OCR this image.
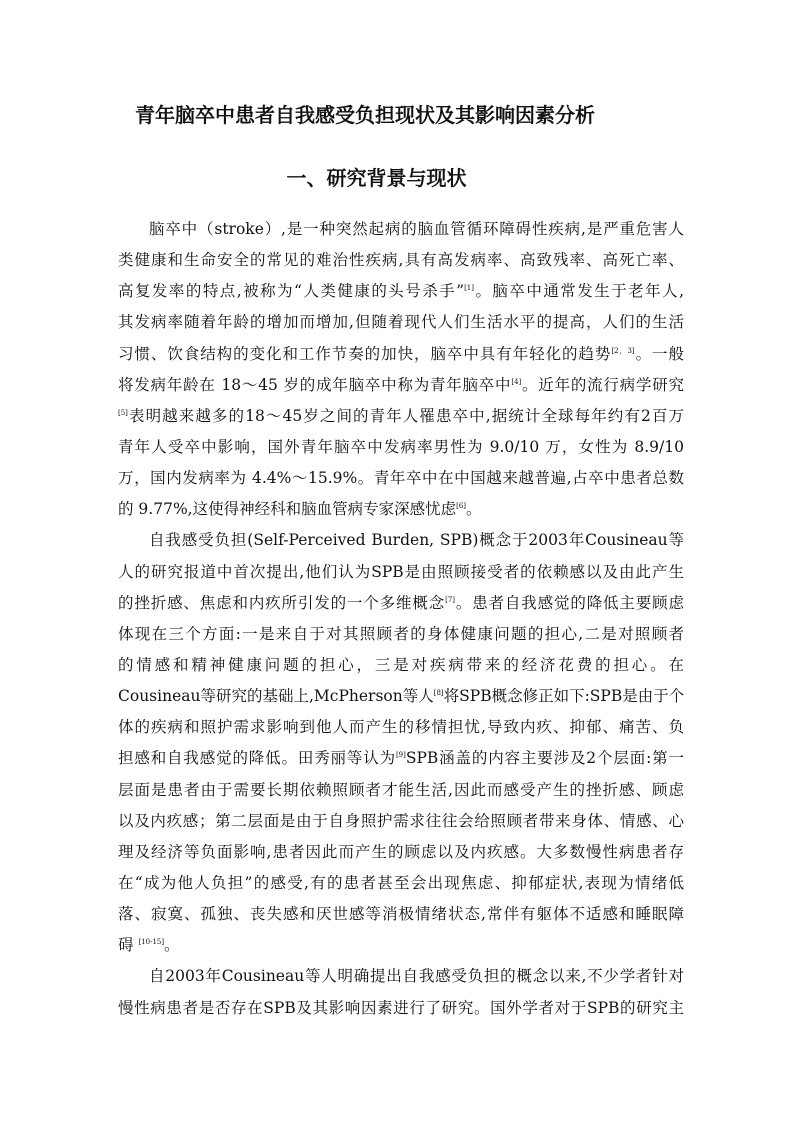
青年脑卒中患者自我感受负担现状及其影响因素分析
一、研究背景与现状
脑卒中（stroke）,是一种突然起病的脑血管循环障碍性疾病,是严重危害人
类健康和生命安全的常见的难治性疾病,具有高发病率、高致残率、高死亡率、
高复发率的特点,被称为“人类健康的头号杀手”[1]。脑卒中通常发生于老年人,
其发病率随着年龄的增加而增加,但随着现代人们生活水平的提高，人们的生活
习惯、饮食结构的变化和工作节奏的加快，脑卒中具有年轻化的趋势[2，3]。一般
将发病年龄在 18～45 岁的成年脑卒中称为青年脑卒中[4]。近年的流行病学研究
[5]表明越来越多的18～45岁之间的青年人罹患卒中,据统计全球每年约有2百万
青年人受卒中影响，国外青年脑卒中发病率男性为 9.0/10 万，女性为 8.9/10
万，国内发病率为 4.4%～15.9%。青年卒中在中国越来越普遍,占卒中患者总数
的 9.77%,这使得神经科和脑血管病专家深感忧虑[6]。
自我感受负担(Self-Perceived Burden, SPB)概念于2003年Cousineau等
人的研究报道中首次提出,他们认为SPB是由照顾接受者的依赖感以及由此产生
的挫折感、焦虑和内疚所引发的一个多维概念[7]。患者自我感觉的降低主要顾虑
体现在三个方面:一是来自于对其照顾者的身体健康问题的担心,二是对照顾者
的情感和精神健康问题的担心，三是对疾病带来的经济花费的担心。在
Cousineau等研究的基础上,McPherson等人[8]将SPB概念修正如下:SPB是由于个
体的疾病和照护需求影响到他人而产生的移情担忧,导致内疚、抑郁、痛苦、负
担感和自我感觉的降低。田秀丽等认为[9]SPB涵盖的内容主要涉及2个层面:第一
层面是患者由于需要长期依赖照顾者才能生活,因此而感受产生的挫折感、顾虑
以及内疚感；第二层面是由于自身照护需求往往会给照顾者带来身体、情感、心
理及经济等负面影响,患者因此而产生的顾虑以及内疚感。大多数慢性病患者存
在“成为他人负担”的感受,有的患者甚至会出现焦虑、抑郁症状,表现为情绪低
落、寂寞、孤独、丧失感和厌世感等消极情绪状态,常伴有躯体不适感和睡眠障
碍 [10-15]。
自2003年Cousineau等人明确提出自我感受负担的概念以来,不少学者针对
慢性病患者是否存在SPB及其影响因素进行了研究。国外学者对于SPB的研究主
